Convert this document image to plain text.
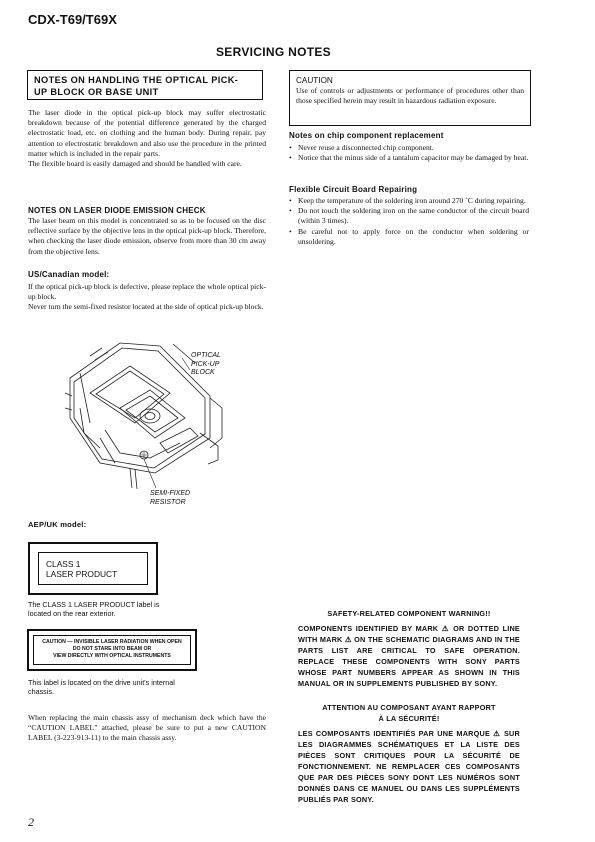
CDX-T69/T69X
SERVICING NOTES
NOTES ON HANDLING THE OPTICAL PICK-
UP BLOCK OR BASE UNIT
The laser diode in the optical pick-up block may suffer electrostatic breakdown because of the potential difference generated by the charged electrostatic load, etc. on clothing and the human body. During repair, pay attention to electrostatic breakdown and also use the procedure in the printed matter which is included in the repair parts.
The flexible board is easily damaged and should be handled with care.
NOTES ON LASER DIODE EMISSION CHECK
The laser beam on this model is concentrated so as to be focused on the disc reflective surface by the objective lens in the optical pick-up block. Therefore, when checking the laser diode emission, observe from more than 30 cm away from the objective lens.
US/Canadian model:
If the optical pick-up block is defective, please replace the whole optical pick-up block.
Never turn the semi-fixed resistor located at the side of optical pick-up block.
OPTICAL
PICK-UP
BLOCK
SEMI-FIXED
RESISTOR
AEP/UK model:
CLASS 1
LASER PRODUCT
The CLASS 1 LASER PRODUCT label is
located on the rear exterior.
CAUTION — INVISIBLE LASER RADIATION WHEN OPEN
DO NOT STARE INTO BEAM OR
VIEW DIRECTLY WITH OPTICAL INSTRUMENTS
This label is located on the drive unit's internal
chassis.
When replacing the main chassis assy of mechanism deck which have the “CAUTION LABEL” attached, please be sure to put a new CAUTION LABEL (3-223-913-11) to the main chassis assy.
CAUTION
Use of controls or adjustments or performance of procedures other than those specified herein may result in hazardous radiation exposure.
Notes on chip component replacement
• Never reuse a disconnected chip component.
• Notice that the minus side of a tantalum capacitor may be damaged by heat.
Flexible Circuit Board Repairing
• Keep the temperature of the soldering iron around 270 ˚C during repairing.
• Do not touch the soldering iron on the same conductor of the circuit board (within 3 times).
• Be careful not to apply force on the conductor when soldering or unsoldering.
SAFETY-RELATED COMPONENT WARNING!!
COMPONENTS IDENTIFIED BY MARK ⚠ OR DOTTED LINE WITH MARK ⚠ ON THE SCHEMATIC DIAGRAMS AND IN THE PARTS LIST ARE CRITICAL TO SAFE OPERATION. REPLACE THESE COMPONENTS WITH SONY PARTS WHOSE PART NUMBERS APPEAR AS SHOWN IN THIS MANUAL OR IN SUPPLEMENTS PUBLISHED BY SONY.
ATTENTION AU COMPOSANT AYANT RAPPORT
À LA SÉCURITÉ!
LES COMPOSANTS IDENTIFIÉS PAR UNE MARQUE ⚠ SUR LES DIAGRAMMES SCHÉMATIQUES ET LA LISTE DES PIÈCES SONT CRITIQUES POUR LA SÉCURITÉ DE FONCTIONNEMENT. NE REMPLACER CES COMPOSANTS QUE PAR DES PIÈCES SONY DONT LES NUMÉROS SONT DONNÉS DANS CE MANUEL OU DANS LES SUPPLÉMENTS PUBLIÉS PAR SONY.
2
